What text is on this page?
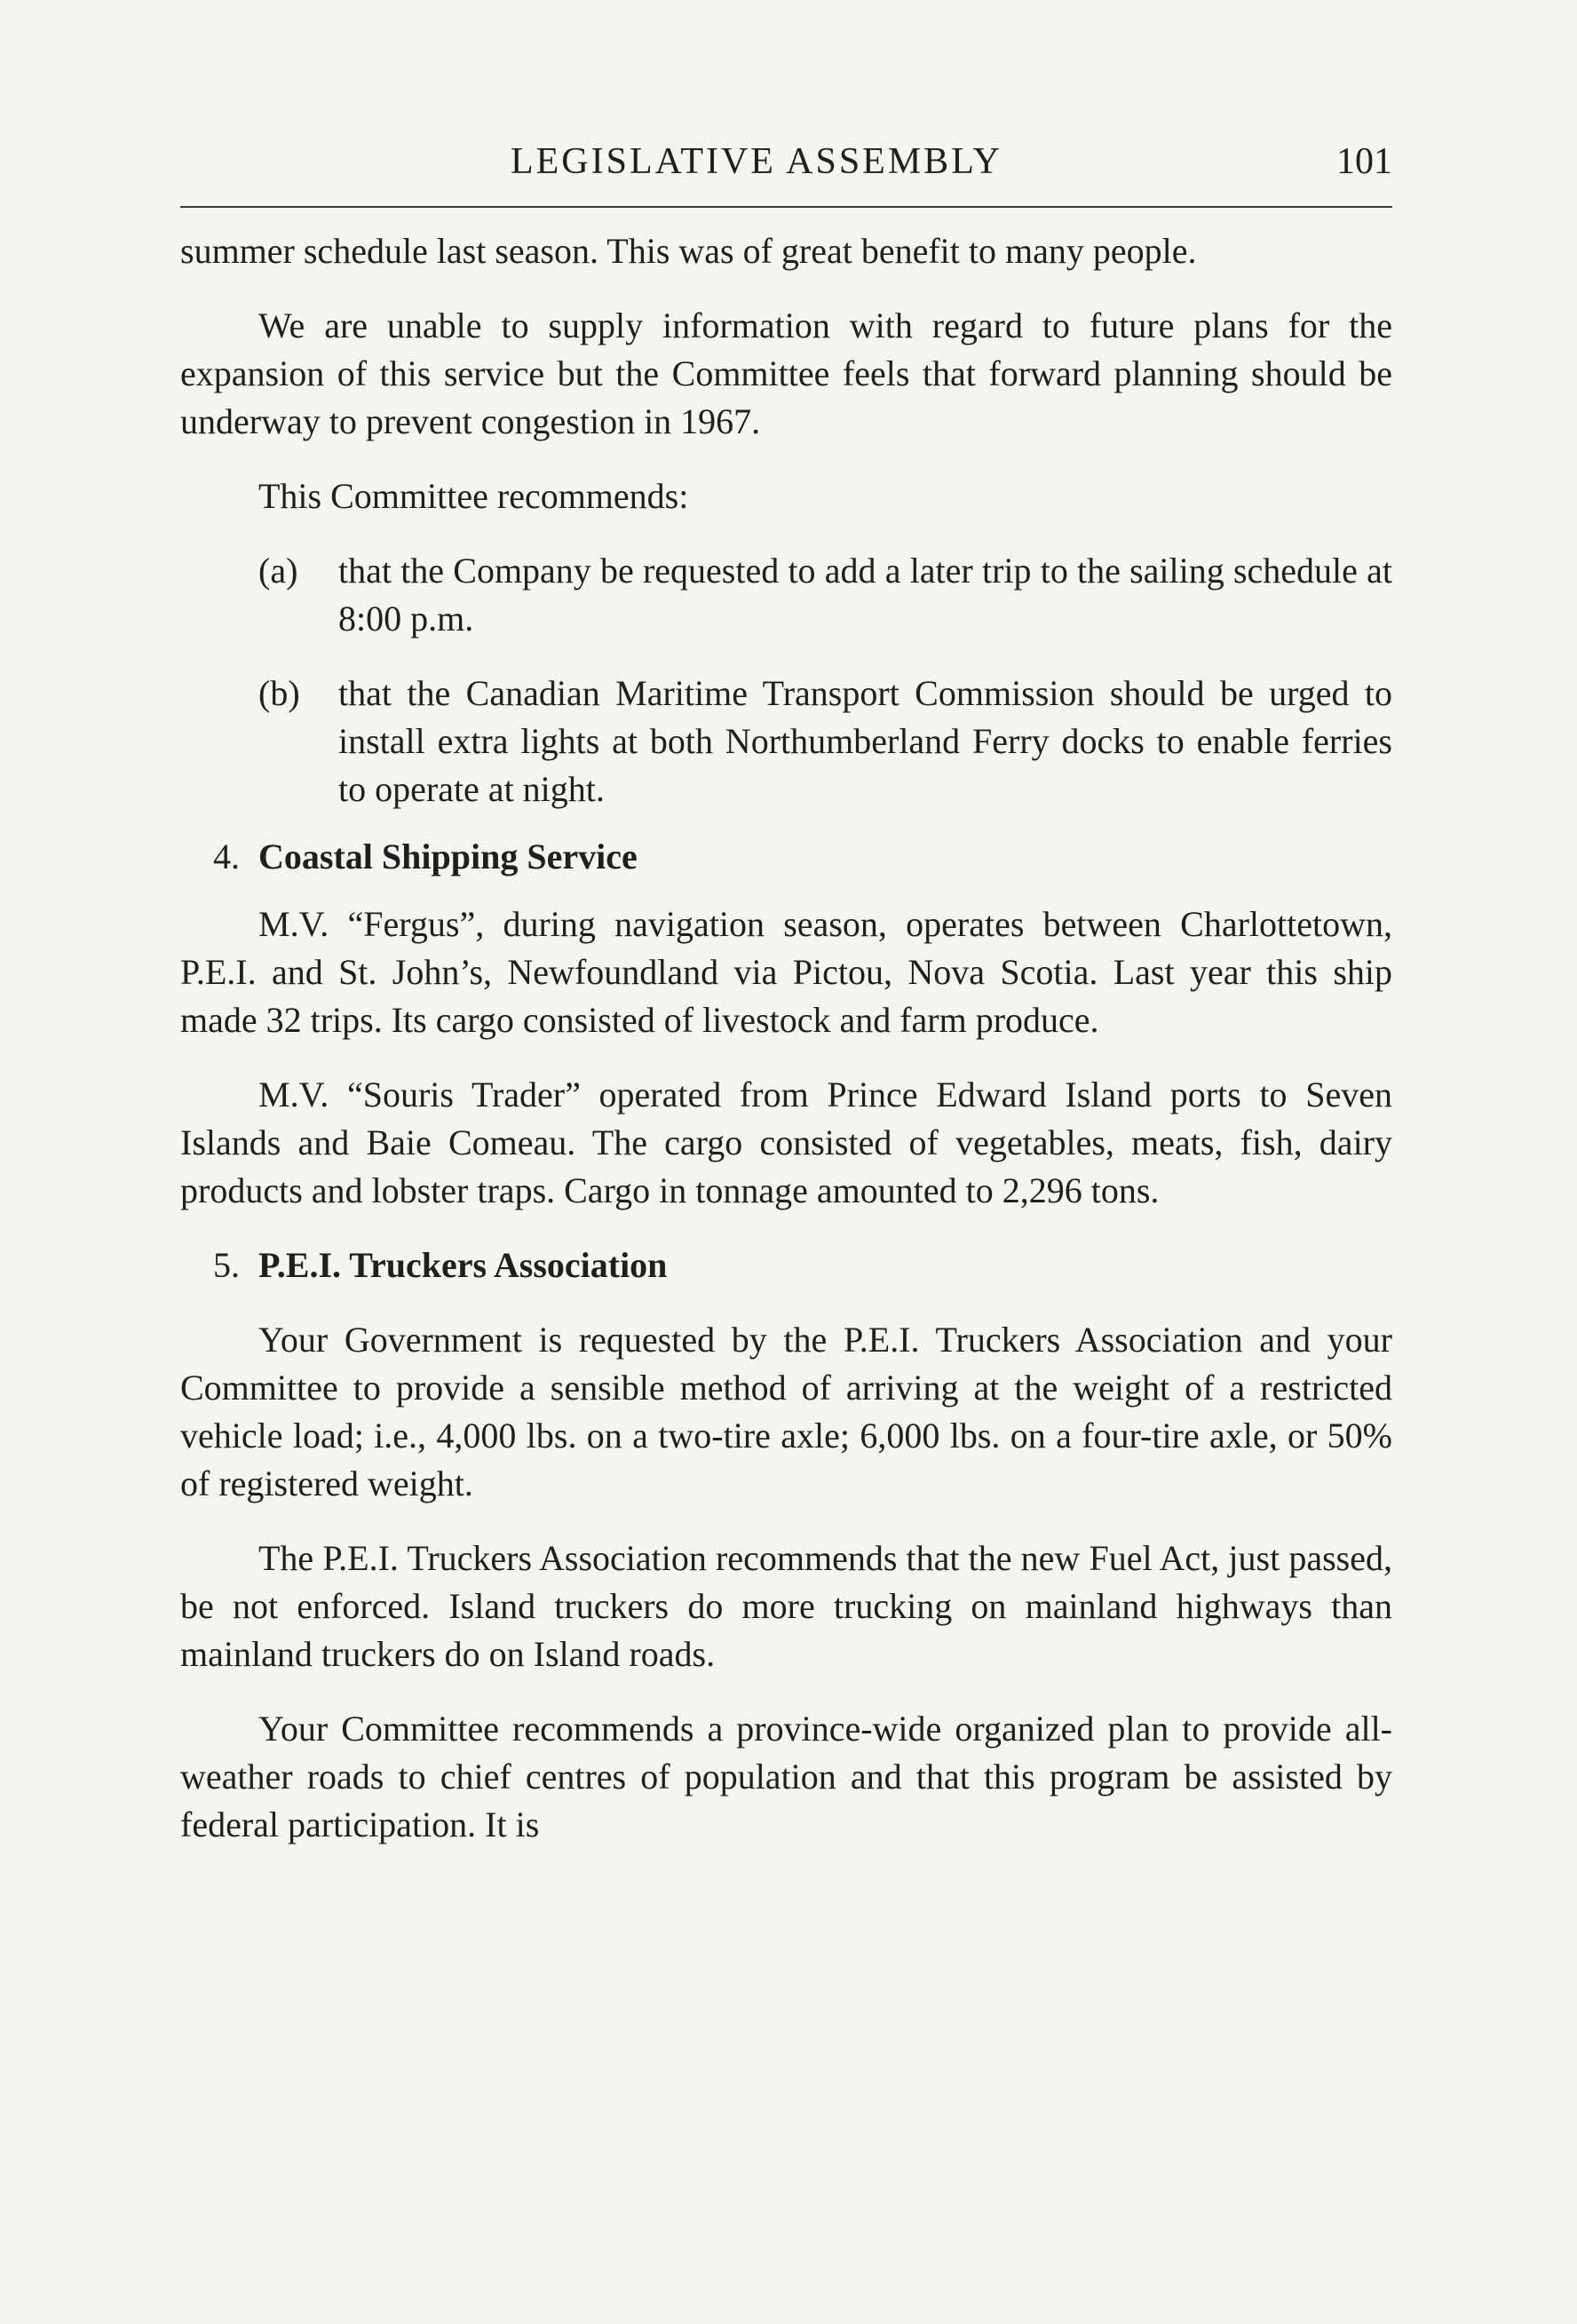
LEGISLATIVE ASSEMBLY	101

summer schedule last season. This was of great benefit to many people.

We are unable to supply information with regard to future plans for the expansion of this service but the Committee feels that forward planning should be underway to prevent congestion in 1967.

This Committee recommends:

(a) that the Company be requested to add a later trip to the sailing schedule at 8:00 p.m.

(b) that the Canadian Maritime Transport Commission should be urged to install extra lights at both Northumberland Ferry docks to enable ferries to operate at night.

4. Coastal Shipping Service

M.V. “Fergus”, during navigation season, operates between Charlottetown, P.E.I. and St. John’s, Newfoundland via Pictou, Nova Scotia. Last year this ship made 32 trips. Its cargo consisted of livestock and farm produce.

M.V. “Souris Trader” operated from Prince Edward Island ports to Seven Islands and Baie Comeau. The cargo consisted of vegetables, meats, fish, dairy products and lobster traps. Cargo in tonnage amounted to 2,296 tons.

5. P.E.I. Truckers Association

Your Government is requested by the P.E.I. Truckers Association and your Committee to provide a sensible method of arriving at the weight of a restricted vehicle load; i.e., 4,000 lbs. on a two-tire axle; 6,000 lbs. on a four-tire axle, or 50% of registered weight.

The P.E.I. Truckers Association recommends that the new Fuel Act, just passed, be not enforced. Island truckers do more trucking on mainland highways than mainland truckers do on Island roads.

Your Committee recommends a province-wide organized plan to provide all-weather roads to chief centres of population and that this program be assisted by federal participation. It is
